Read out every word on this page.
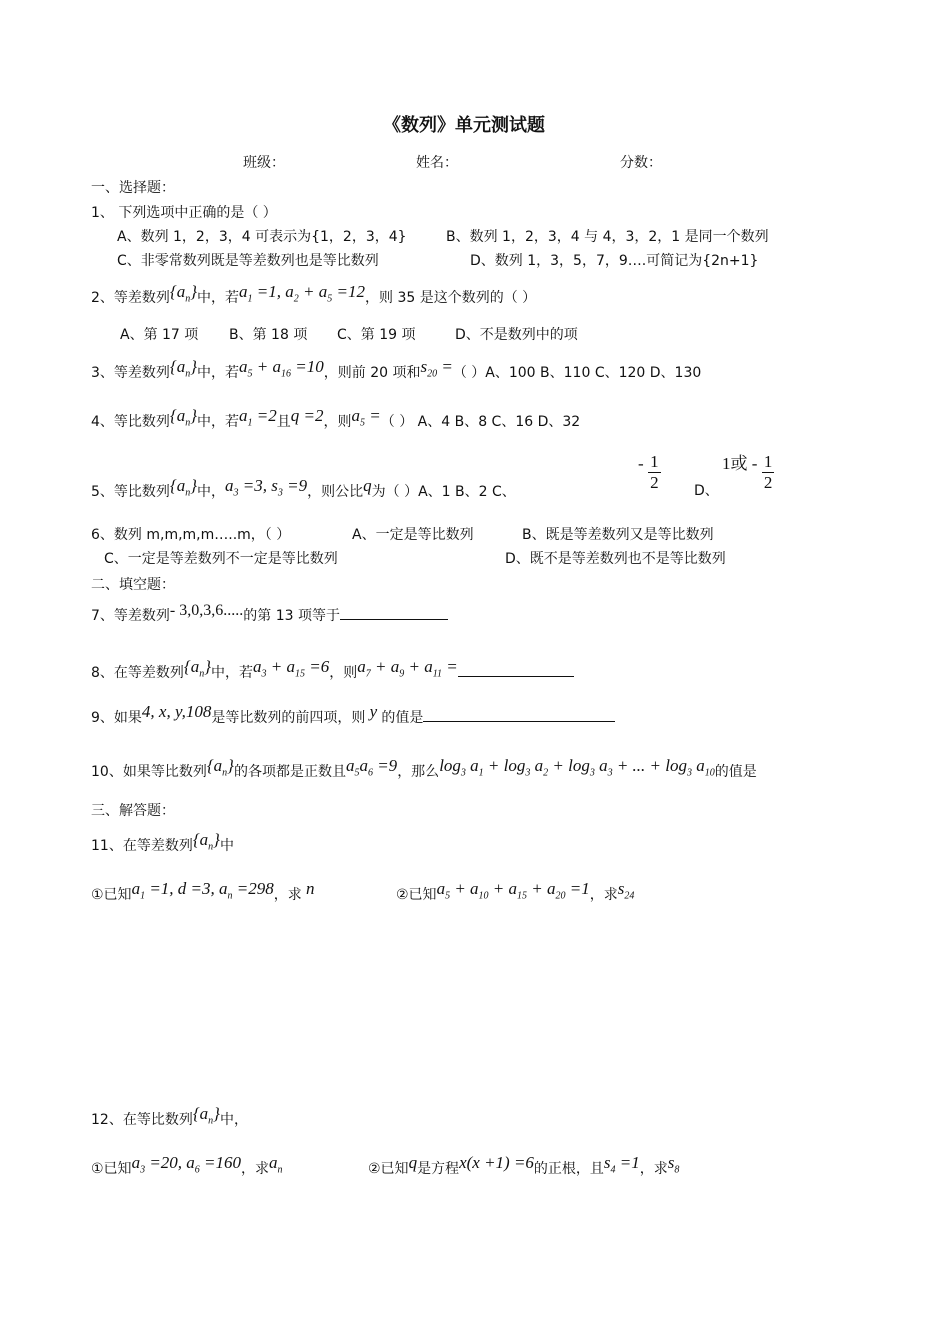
《数列》单元测试题
班级：	姓名：	分数：
一、选择题：
1、 下列选项中正确的是（ ）
A、数列 1，2，3，4 可表示为{1，2，3，4}	B、数列 1，2，3，4 与 4，3，2，1 是同一个数列
C、非零常数列既是等差数列也是等比数列	D、数列 1，3，5，7，9….可简记为{2n+1}
2、等差数列$\{a_n\}$中，若$a_1 =1$, $a_2 + a_5 =12$，则 35 是这个数列的（ ）
A、第 17 项 B、第 18 项 C、第 19 项	D、不是数列中的项
3、等差数列$\{a_n\}$中，若$a_5 + a_{16} =10$，则前 20 项和$s_{20}$ =（ ）A、100 B、110 C、120 D、130
4、等比数列$\{a_n\}$中，若$a_1 =2$且q =2，则$a_5$ =（ ） A、4 B、8 C、16 D、32
5、等比数列$\{a_n\}$中，$a_3 =3$, $s_3 =9$，则公比q为（ ）A、1 B、2 C、
- $\frac{1}{2}$ D、
1或 - $\frac{1}{2}$
6、数列 m,m,m,m…..m，（ ）	A、一定是等比数列	B、既是等差数列又是等比数列
C、一定是等差数列不一定是等比数列	D、既不是等差数列也不是等比数列
二、填空题：
7、等差数列- 3,0,3,6.....的第 13 项等于
8、在等差数列$\{a_n\}$中，若$a_3 + a_{15} =6$，则$a_7 + a_9 + a_{11}$ =
9、如果4, x, y,108是等比数列的前四项，则 y 的值是
10、如果等比数列$\{a_n\}$的各项都是正数且$a_5a_6 =9$，那么$\log_3 a_1 + \log_3 a_2 + \log_3 a_3$ + ... + $\log_3 a_{10}$的值是
三、解答题：
11、在等差数列$\{a_n\}$中
①已知$a_1 =1$, d =3, $a_n =298$，求 n	②已知$a_5 + a_{10} + a_{15} + a_{20} =1$，求$s_{24}$
12、在等比数列$\{a_n\}$中，
①已知$a_3 =20$, $a_6 =160$，求$a_n$	②已知q是方程x(x +1) =6的正根，且$s_4 =1$，求$s_8$
